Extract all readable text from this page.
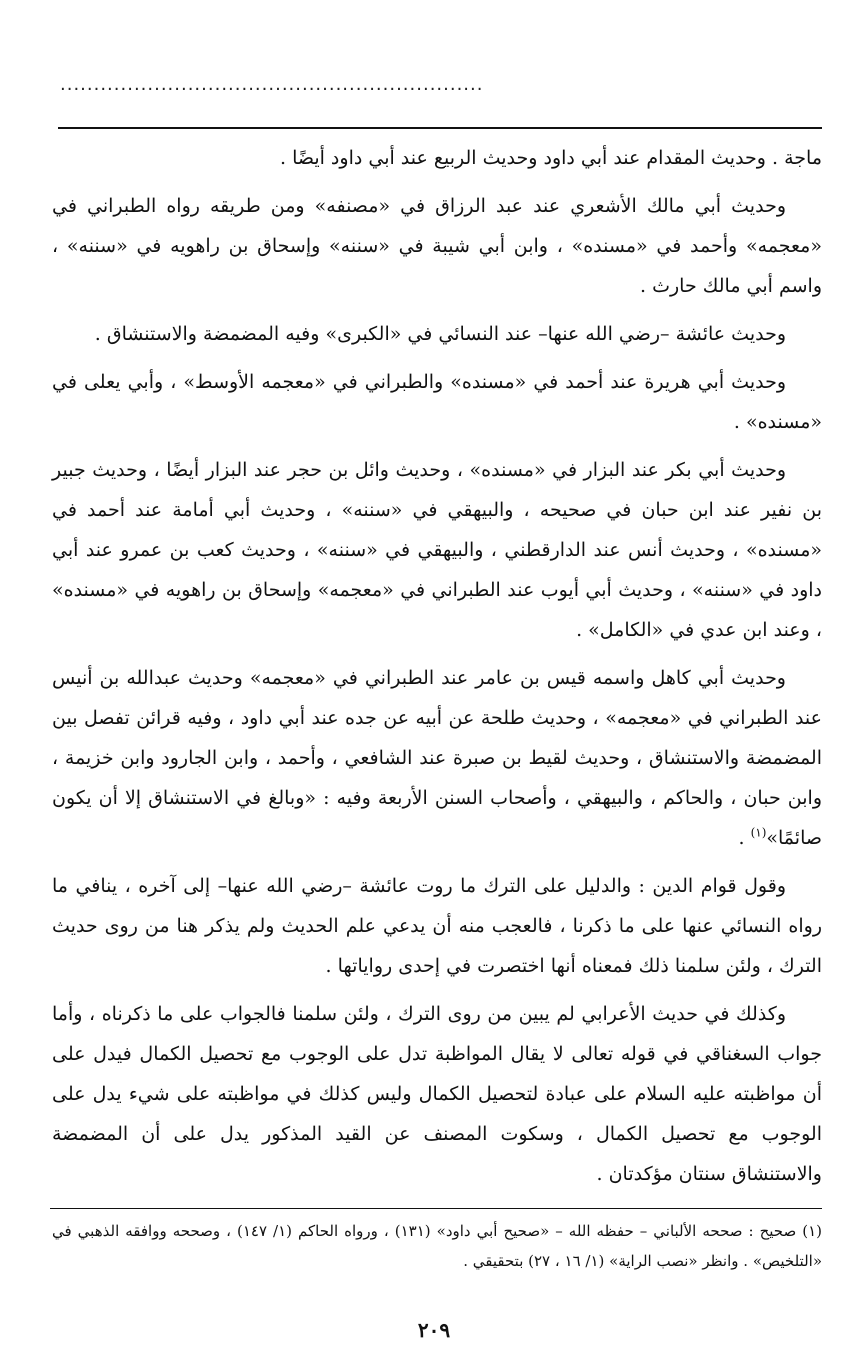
...............................................................

ماجة . وحديث المقدام عند أبي داود وحديث الربيع عند أبي داود أيضًا .

وحديث أبي مالك الأشعري عند عبد الرزاق في «مصنفه» ومن طريقه رواه الطبراني في «معجمه» وأحمد في «مسنده» ، وابن أبي شيبة في «سننه» وإسحاق بن راهويه في «سننه» ، واسم أبي مالك حارث .

وحديث عائشة –رضي الله عنها– عند النسائي في «الكبرى» وفيه المضمضة والاستنشاق .

وحديث أبي هريرة عند أحمد في «مسنده» والطبراني في «معجمه الأوسط» ، وأبي يعلى في «مسنده» .

وحديث أبي بكر عند البزار في «مسنده» ، وحديث وائل بن حجر عند البزار أيضًا ، وحديث جبير بن نفير عند ابن حبان في صحيحه ، والبيهقي في «سننه» ، وحديث أبي أمامة عند أحمد في «مسنده» ، وحديث أنس عند الدارقطني ، والبيهقي في «سننه» ، وحديث كعب بن عمرو عند أبي داود في «سننه» ، وحديث أبي أيوب عند الطبراني في «معجمه» وإسحاق بن راهويه في «مسنده» ، وعند ابن عدي في «الكامل» .

وحديث أبي كاهل واسمه قيس بن عامر عند الطبراني في «معجمه» وحديث عبدالله بن أنيس عند الطبراني في «معجمه» ، وحديث طلحة عن أبيه عن جده عند أبي داود ، وفيه قرائن تفصل بين المضمضة والاستنشاق ، وحديث لقيط بن صبرة عند الشافعي ، وأحمد ، وابن الجارود وابن خزيمة ، وابن حبان ، والحاكم ، والبيهقي ، وأصحاب السنن الأربعة وفيه : «وبالغ في الاستنشاق إلا أن يكون صائمًا»$^{(١)}$ .

وقول قوام الدين : والدليل على الترك ما روت عائشة –رضي الله عنها– إلى آخره ، ينافي ما رواه النسائي عنها على ما ذكرنا ، فالعجب منه أن يدعي علم الحديث ولم يذكر هنا من روى حديث الترك ، ولئن سلمنا ذلك فمعناه أنها اختصرت في إحدى رواياتها .

وكذلك في حديث الأعرابي لم يبين من روى الترك ، ولئن سلمنا فالجواب على ما ذكرناه ، وأما جواب السغناقي في قوله تعالى لا يقال المواظبة تدل على الوجوب مع تحصيل الكمال فيدل على أن مواظبته عليه السلام على عبادة لتحصيل الكمال وليس كذلك في مواظبته على شيء يدل على الوجوب مع تحصيل الكمال ، وسكوت المصنف عن القيد المذكور يدل على أن المضمضة والاستنشاق سنتان مؤكدتان .

(١) صحيح : صححه الألباني – حفظه الله – «صحيح أبي داود» (١٣١) ، ورواه الحاكم (١/ ١٤٧) ، وصححه ووافقه الذهبي في «التلخيص» . وانظر «نصب الراية» (١/ ١٦ ، ٢٧) بتحقيقي .

٢٠٩
